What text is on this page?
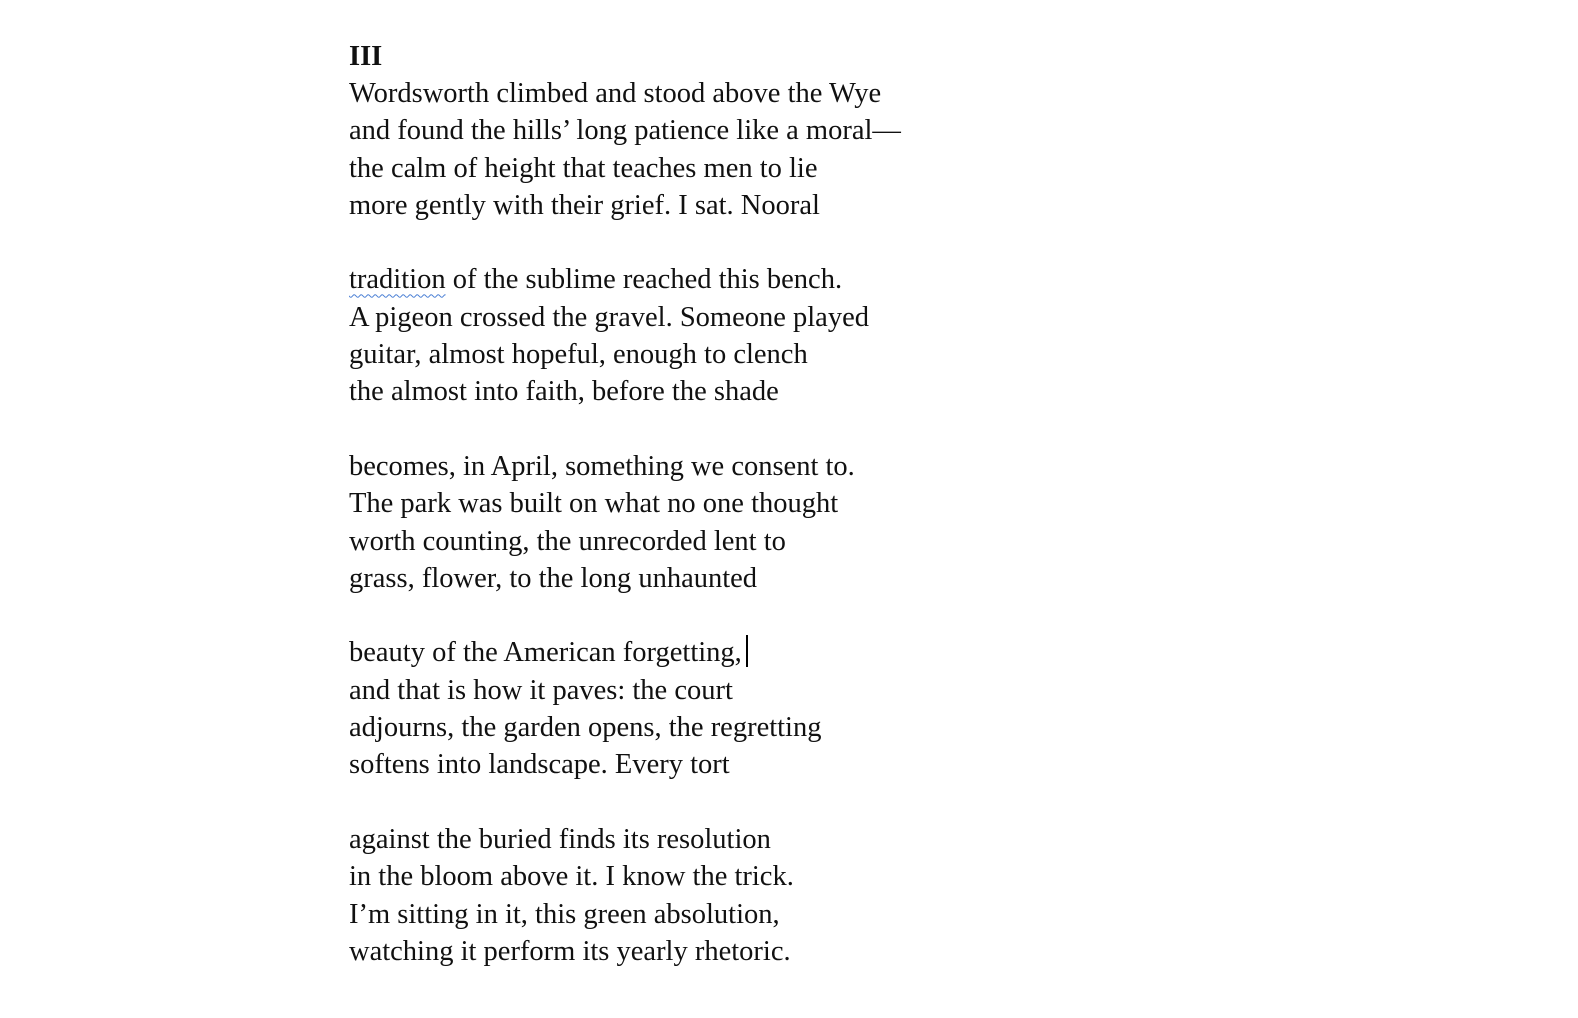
III
Wordsworth climbed and stood above the Wye
and found the hills’ long patience like a moral—
the calm of height that teaches men to lie
more gently with their grief. I sat. Nooral
tradition of the sublime reached this bench.
A pigeon crossed the gravel. Someone played
guitar, almost hopeful, enough to clench
the almost into faith, before the shade
becomes, in April, something we consent to.
The park was built on what no one thought
worth counting, the unrecorded lent to
grass, flower, to the long unhaunted
beauty of the American forgetting,
and that is how it paves: the court
adjourns, the garden opens, the regretting
softens into landscape. Every tort
against the buried finds its resolution
in the bloom above it. I know the trick.
I’m sitting in it, this green absolution,
watching it perform its yearly rhetoric.
